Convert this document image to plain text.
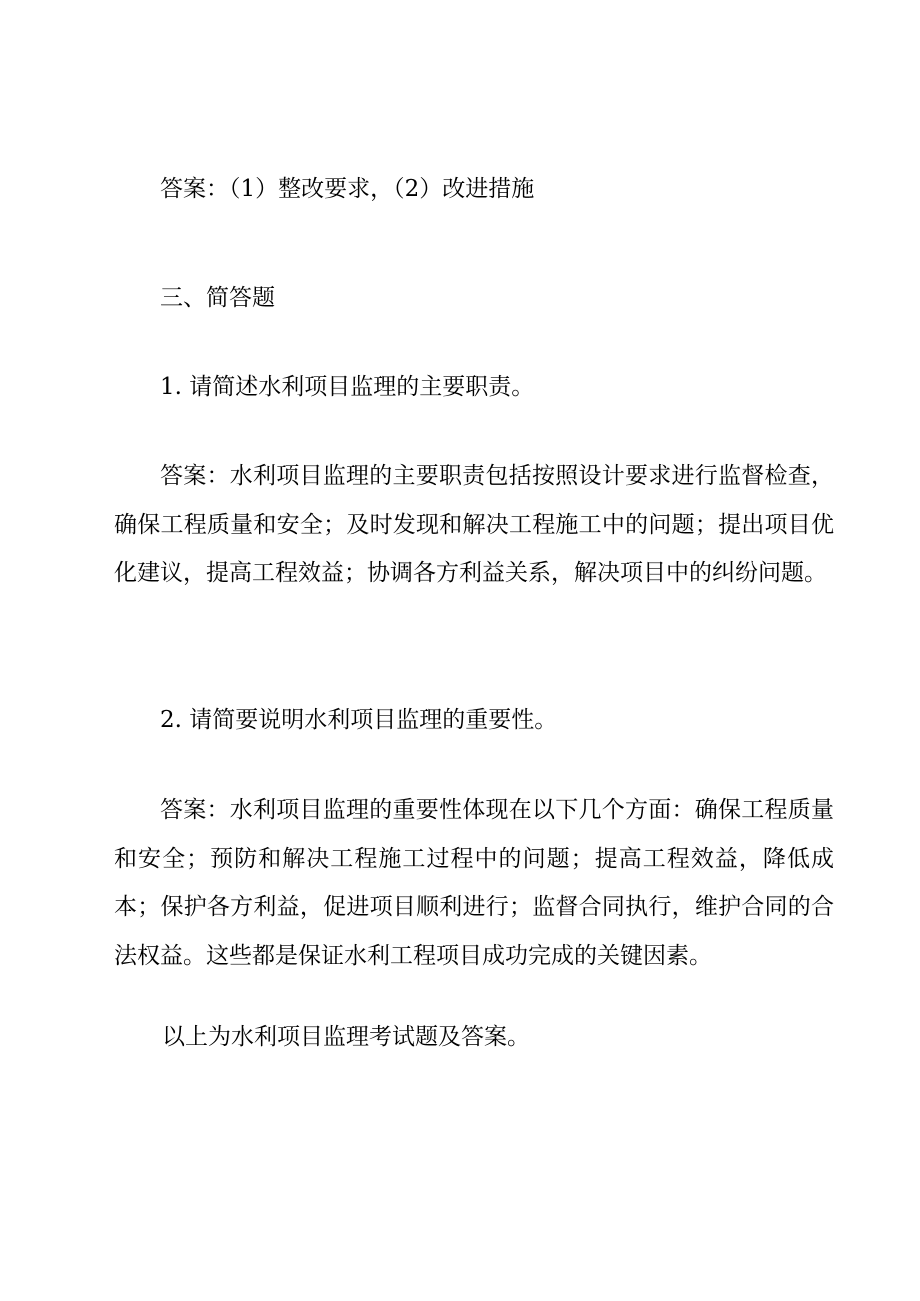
答案：（1）整改要求，（2）改进措施

三、简答题

1. 请简述水利项目监理的主要职责。

答案：水利项目监理的主要职责包括按照设计要求进行监督检查，确保工程质量和安全；及时发现和解决工程施工中的问题；提出项目优化建议，提高工程效益；协调各方利益关系，解决项目中的纠纷问题。

2. 请简要说明水利项目监理的重要性。

答案：水利项目监理的重要性体现在以下几个方面：确保工程质量和安全；预防和解决工程施工过程中的问题；提高工程效益，降低成本；保护各方利益，促进项目顺利进行；监督合同执行，维护合同的合法权益。这些都是保证水利工程项目成功完成的关键因素。

以上为水利项目监理考试题及答案。
